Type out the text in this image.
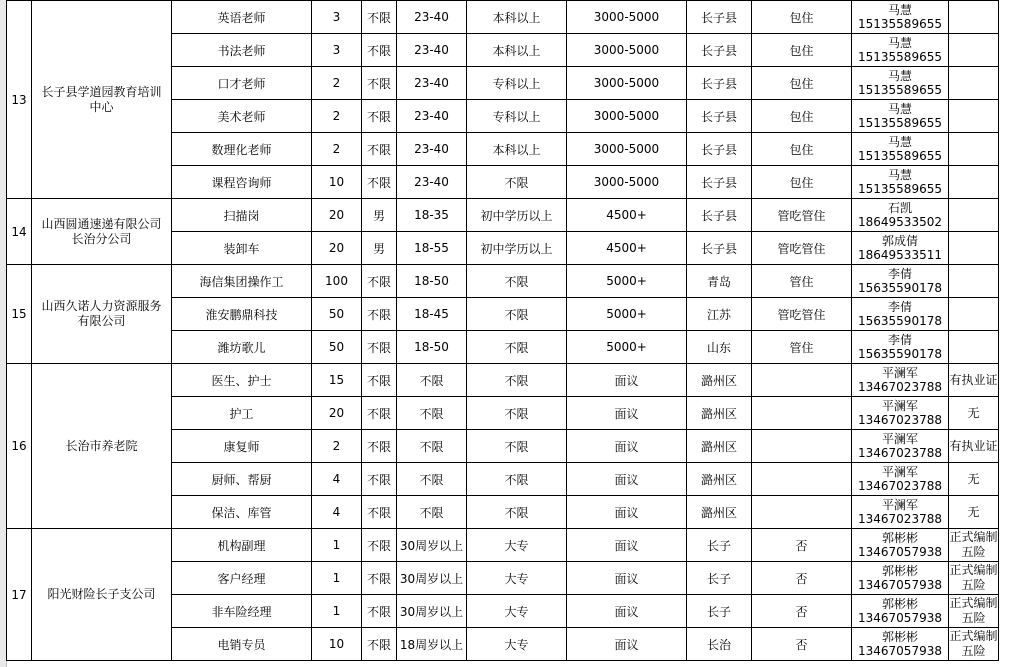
13	长子县学道园教育培训中心	英语老师	3	不限	23-40	本科以上	3000-5000	长子县	包住	马慧
15135589655	

		书法老师	3	不限	23-40	本科以上	3000-5000	长子县	包住	马慧
15135589655	

		口才老师	2	不限	23-40	专科以上	3000-5000	长子县	包住	马慧
15135589655	

		美术老师	2	不限	23-40	专科以上	3000-5000	长子县	包住	马慧
15135589655	

		数理化老师	2	不限	23-40	本科以上	3000-5000	长子县	包住	马慧
15135589655	

		课程咨询师	10	不限	23-40	不限	3000-5000	长子县	包住	马慧
15135589655	

14	山西圆通速递有限公司长治分公司	扫描岗	20	男	18-35	初中学历以上	4500+	长子县	管吃管住	石凯
18649533502	

		装卸车	20	男	18-55	初中学历以上	4500+	长子县	管吃管住	郭成倩
18649533511	

15	山西久诺人力资源服务有限公司	海信集团操作工	100	不限	18-50	不限	5000+	青岛	管住	李倩
15635590178	

		淮安鹏鼎科技	50	不限	18-45	不限	5000+	江苏	管吃管住	李倩
15635590178	

		潍坊歌儿	50	不限	18-50	不限	5000+	山东	管住	李倩
15635590178	

16	长治市养老院	医生、护士	15	不限	不限	不限	面议	潞州区		平澜军
13467023788	有执业证
		护工	20	不限	不限	不限	面议	潞州区		平澜军
13467023788	无
		康复师	2	不限	不限	不限	面议	潞州区		平澜军
13467023788	有执业证
		厨师、帮厨	4	不限	不限	不限	面议	潞州区		平澜军
13467023788	无
		保洁、库管	4	不限	不限	不限	面议	潞州区		平澜军
13467023788	无
17	阳光财险长子支公司	机构副理	1	不限	30周岁以上	大专	面议	长子	否	郭彬彬
13467057938	正式编制五险
		客户经理	1	不限	30周岁以上	大专	面议	长子	否	郭彬彬
13467057938	正式编制五险
		非车险经理	1	不限	30周岁以上	大专	面议	长子	否	郭彬彬
13467057938	正式编制五险
		电销专员	10	不限	18周岁以上	大专	面议	长治	否	郭彬彬
13467057938	正式编制五险
